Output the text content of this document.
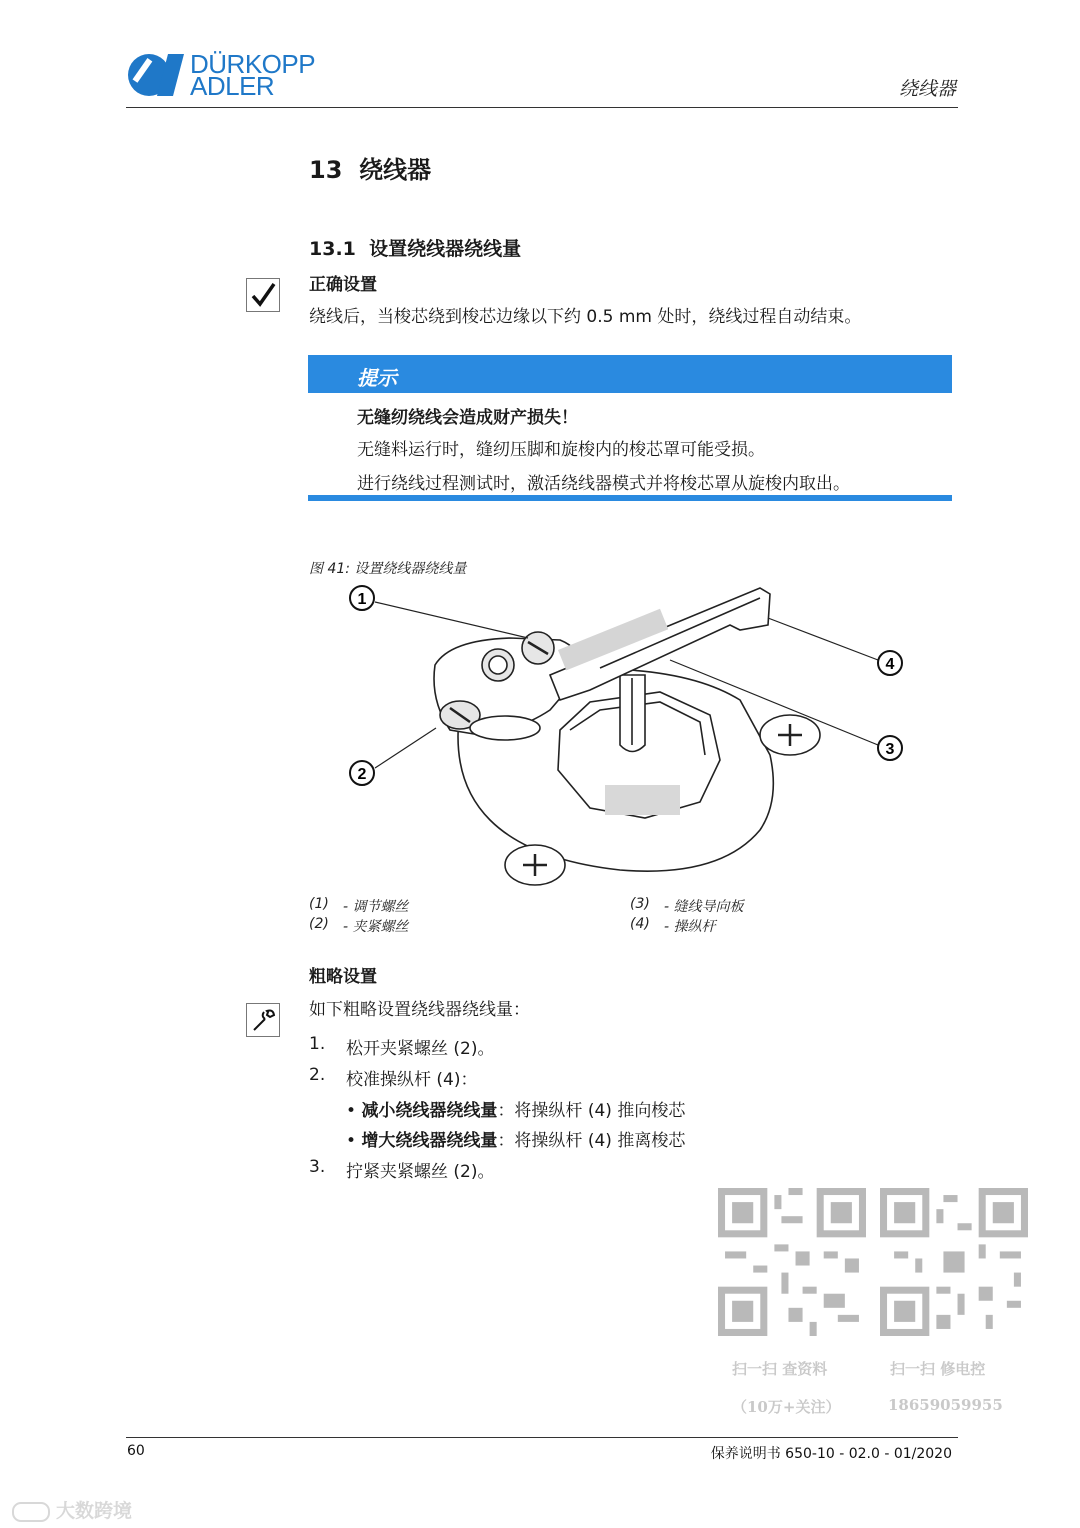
DÜRKOPP
ADLER	绕线器
13  绕线器
13.1  设置绕线器绕线量
正确设置
绕线后，当梭芯绕到梭芯边缘以下约 0.5 mm 处时，绕线过程自动结束。
提示
无缝纫绕线会造成财产损失！
无缝料运行时，缝纫压脚和旋梭内的梭芯罩可能受损。
进行绕线过程测试时，激活绕线器模式并将梭芯罩从旋梭内取出。
图 41: 设置绕线器绕线量
1
2
3
4
(1) - 调节螺丝
(2) - 夹紧螺丝
(3) - 缝线导向板
(4) - 操纵杆
粗略设置
如下粗略设置绕线器绕线量：
1. 松开夹紧螺丝 (2)。
2. 校准操纵杆 (4)：
• 减小绕线器绕线量：将操纵杆 (4) 推向梭芯
• 增大绕线器绕线量：将操纵杆 (4) 推离梭芯
3. 拧紧夹紧螺丝 (2)。
扫一扫 查资料
（10万+关注）
扫一扫 修电控
18659059955
60	保养说明书 650-10 - 02.0 - 01/2020
大数跨境
